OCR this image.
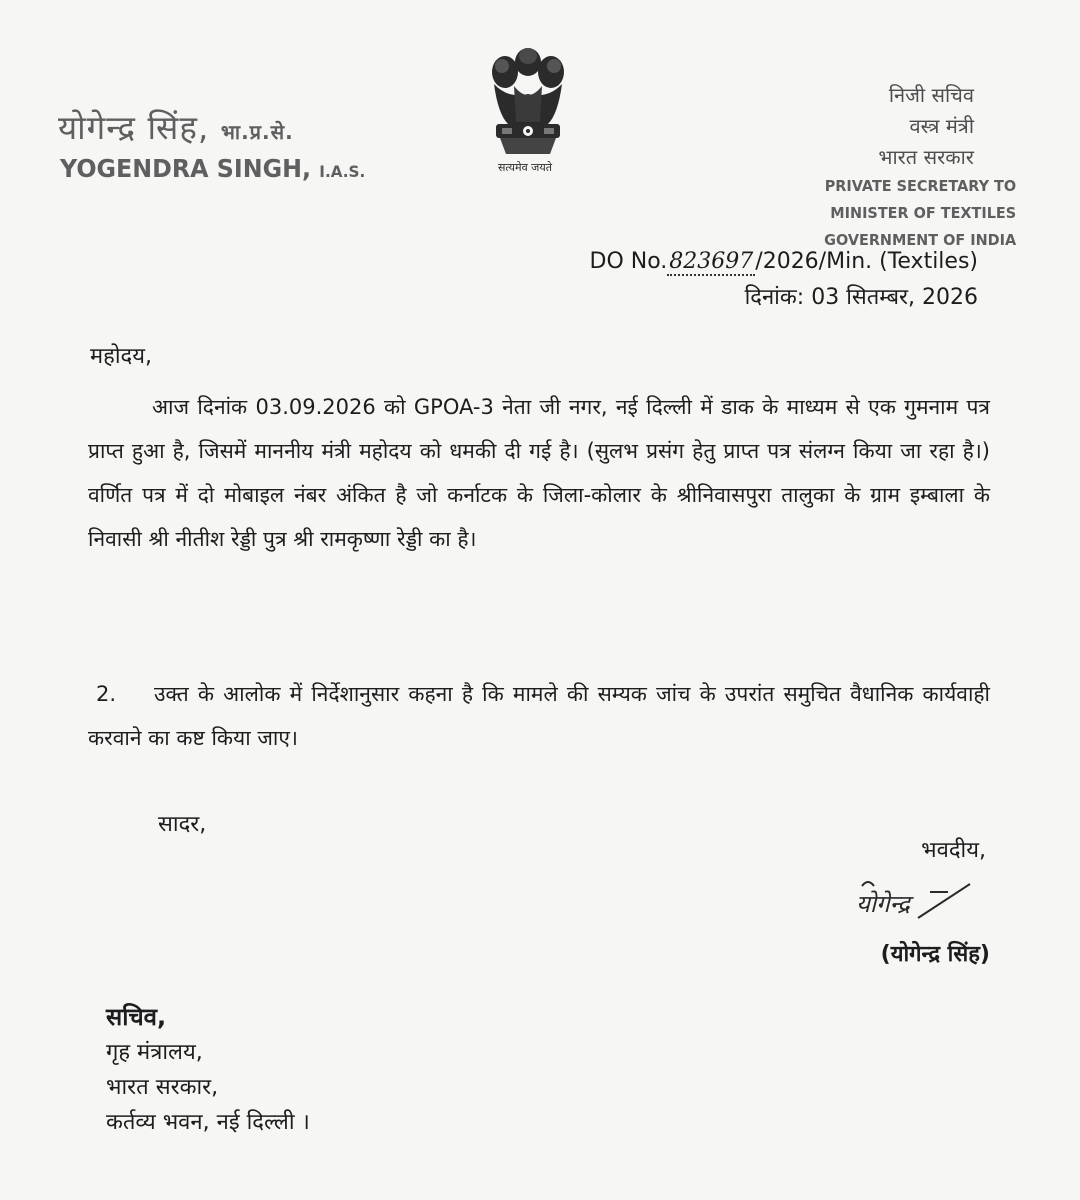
योगेन्द्र सिंह, भा.प्र.से.
YOGENDRA SINGH, I.A.S.	सत्यमेव जयते
निजी सचिव
वस्त्र मंत्री
भारत सरकार
PRIVATE SECRETARY TO
MINISTER OF TEXTILES
GOVERNMENT OF INDIA
DO No.823697/2026/Min. (Textiles)
दिनांक: 03 सितम्बर, 2026
महोदय,
आज दिनांक 03.09.2026 को GPOA-3 नेता जी नगर, नई दिल्ली में डाक के माध्यम से एक गुमनाम पत्र प्राप्त हुआ है, जिसमें माननीय मंत्री महोदय को धमकी दी गई है। (सुलभ प्रसंग हेतु प्राप्त पत्र संलग्न किया जा रहा है।) वर्णित पत्र में दो मोबाइल नंबर अंकित है जो कर्नाटक के जिला-कोलार के श्रीनिवासपुरा तालुका के ग्राम इम्बाला के निवासी श्री नीतीश रेड्डी पुत्र श्री रामकृष्णा रेड्डी का है।
2. उक्त के आलोक में निर्देशानुसार कहना है कि मामले की सम्यक जांच के उपरांत समुचित वैधानिक कार्यवाही करवाने का कष्ट किया जाए।
सादर,
भवदीय,
योगेन्द्र
(योगेन्द्र सिंह)
सचिव,
गृह मंत्रालय,
भारत सरकार,
कर्तव्य भवन, नई दिल्ली ।
